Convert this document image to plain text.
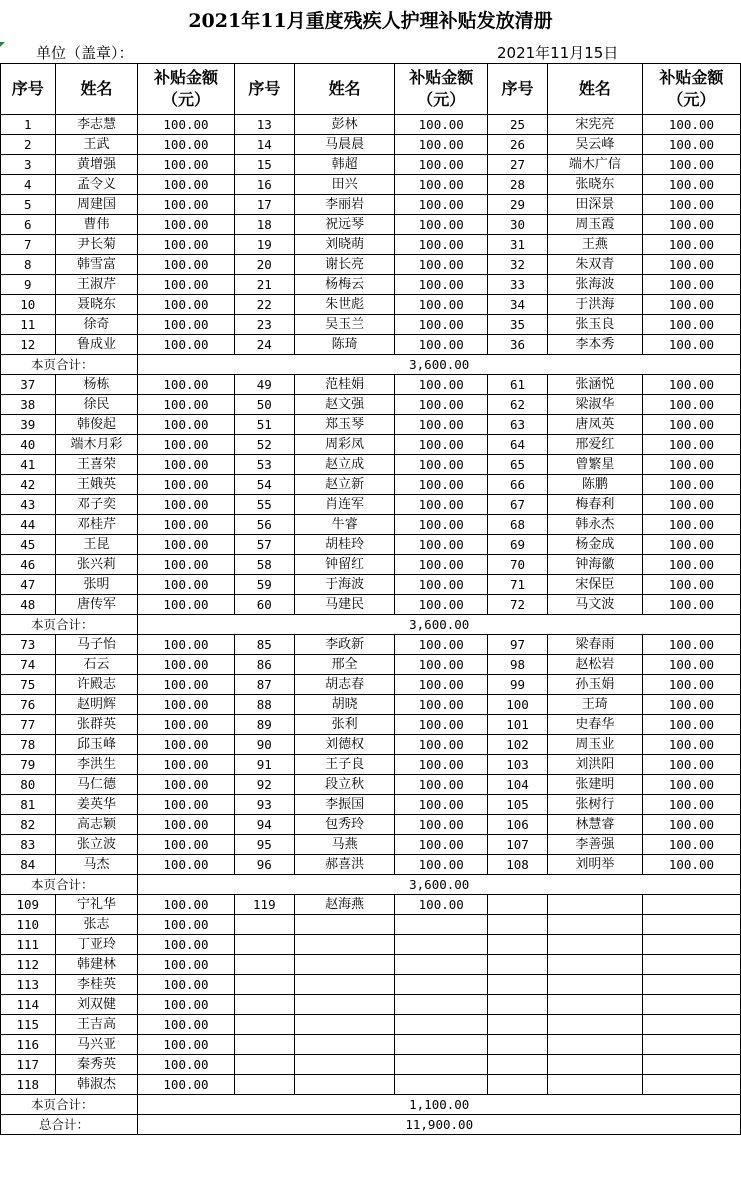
2021年11月重度残疾人护理补贴发放清册
单位（盖章）：	2021年11月15日
序号	姓名	补贴金额（元）	序号	姓名	补贴金额（元）	序号	姓名	补贴金额（元）
1	李志慧	100.00	13	彭林	100.00	25	宋宪亮	100.00
2	王武	100.00	14	马晨晨	100.00	26	吴云峰	100.00
3	黄增强	100.00	15	韩超	100.00	27	端木广信	100.00
4	孟令义	100.00	16	田兴	100.00	28	张晓东	100.00
5	周建国	100.00	17	李丽岩	100.00	29	田深景	100.00
6	曹伟	100.00	18	祝远琴	100.00	30	周玉霞	100.00
7	尹长菊	100.00	19	刘晓萌	100.00	31	王燕	100.00
8	韩雪富	100.00	20	谢长亮	100.00	32	朱双青	100.00
9	王淑芹	100.00	21	杨梅云	100.00	33	张海波	100.00
10	聂晓东	100.00	22	朱世彪	100.00	34	于洪海	100.00
11	徐奇	100.00	23	吴玉兰	100.00	35	张玉良	100.00
12	鲁成业	100.00	24	陈琦	100.00	36	李本秀	100.00
本页合计：		3,600.00						
37	杨栋	100.00	49	范桂娟	100.00	61	张涵悦	100.00
38	徐民	100.00	50	赵文强	100.00	62	梁淑华	100.00
39	韩俊起	100.00	51	郑玉琴	100.00	63	唐凤英	100.00
40	端木月彩	100.00	52	周彩凤	100.00	64	邢爱红	100.00
41	王喜荣	100.00	53	赵立成	100.00	65	曾繁星	100.00
42	王娥英	100.00	54	赵立新	100.00	66	陈鹏	100.00
43	邓子奕	100.00	55	肖连军	100.00	67	梅春利	100.00
44	邓桂芹	100.00	56	牛睿	100.00	68	韩永杰	100.00
45	王昆	100.00	57	胡桂玲	100.00	69	杨金成	100.00
46	张兴莉	100.00	58	钟留红	100.00	70	钟海徽	100.00
47	张明	100.00	59	于海波	100.00	71	宋保臣	100.00
48	唐传军	100.00	60	马建民	100.00	72	马文波	100.00
本页合计：		3,600.00						
73	马子怡	100.00	85	李政新	100.00	97	梁春雨	100.00
74	石云	100.00	86	邢全	100.00	98	赵松岩	100.00
75	许殿志	100.00	87	胡志春	100.00	99	孙玉娟	100.00
76	赵明辉	100.00	88	胡晓	100.00	100	王琦	100.00
77	张群英	100.00	89	张利	100.00	101	史春华	100.00
78	邱玉峰	100.00	90	刘德权	100.00	102	周玉业	100.00
79	李洪生	100.00	91	王子良	100.00	103	刘洪阳	100.00
80	马仁德	100.00	92	段立秋	100.00	104	张建明	100.00
81	姜英华	100.00	93	李振国	100.00	105	张树行	100.00
82	高志颖	100.00	94	包秀玲	100.00	106	林慧睿	100.00
83	张立波	100.00	95	马燕	100.00	107	李善强	100.00
84	马杰	100.00	96	郝喜洪	100.00	108	刘明举	100.00
本页合计：		3,600.00						
109	宁礼华	100.00	119	赵海燕	100.00			
110	张志	100.00						
111	丁亚玲	100.00						
112	韩建林	100.00						
113	李桂英	100.00						
114	刘双健	100.00						
115	王吉高	100.00						
116	马兴亚	100.00						
117	秦秀英	100.00						
118	韩淑杰	100.00						
本页合计：		1,100.00						
总合计：		11,900.00						
